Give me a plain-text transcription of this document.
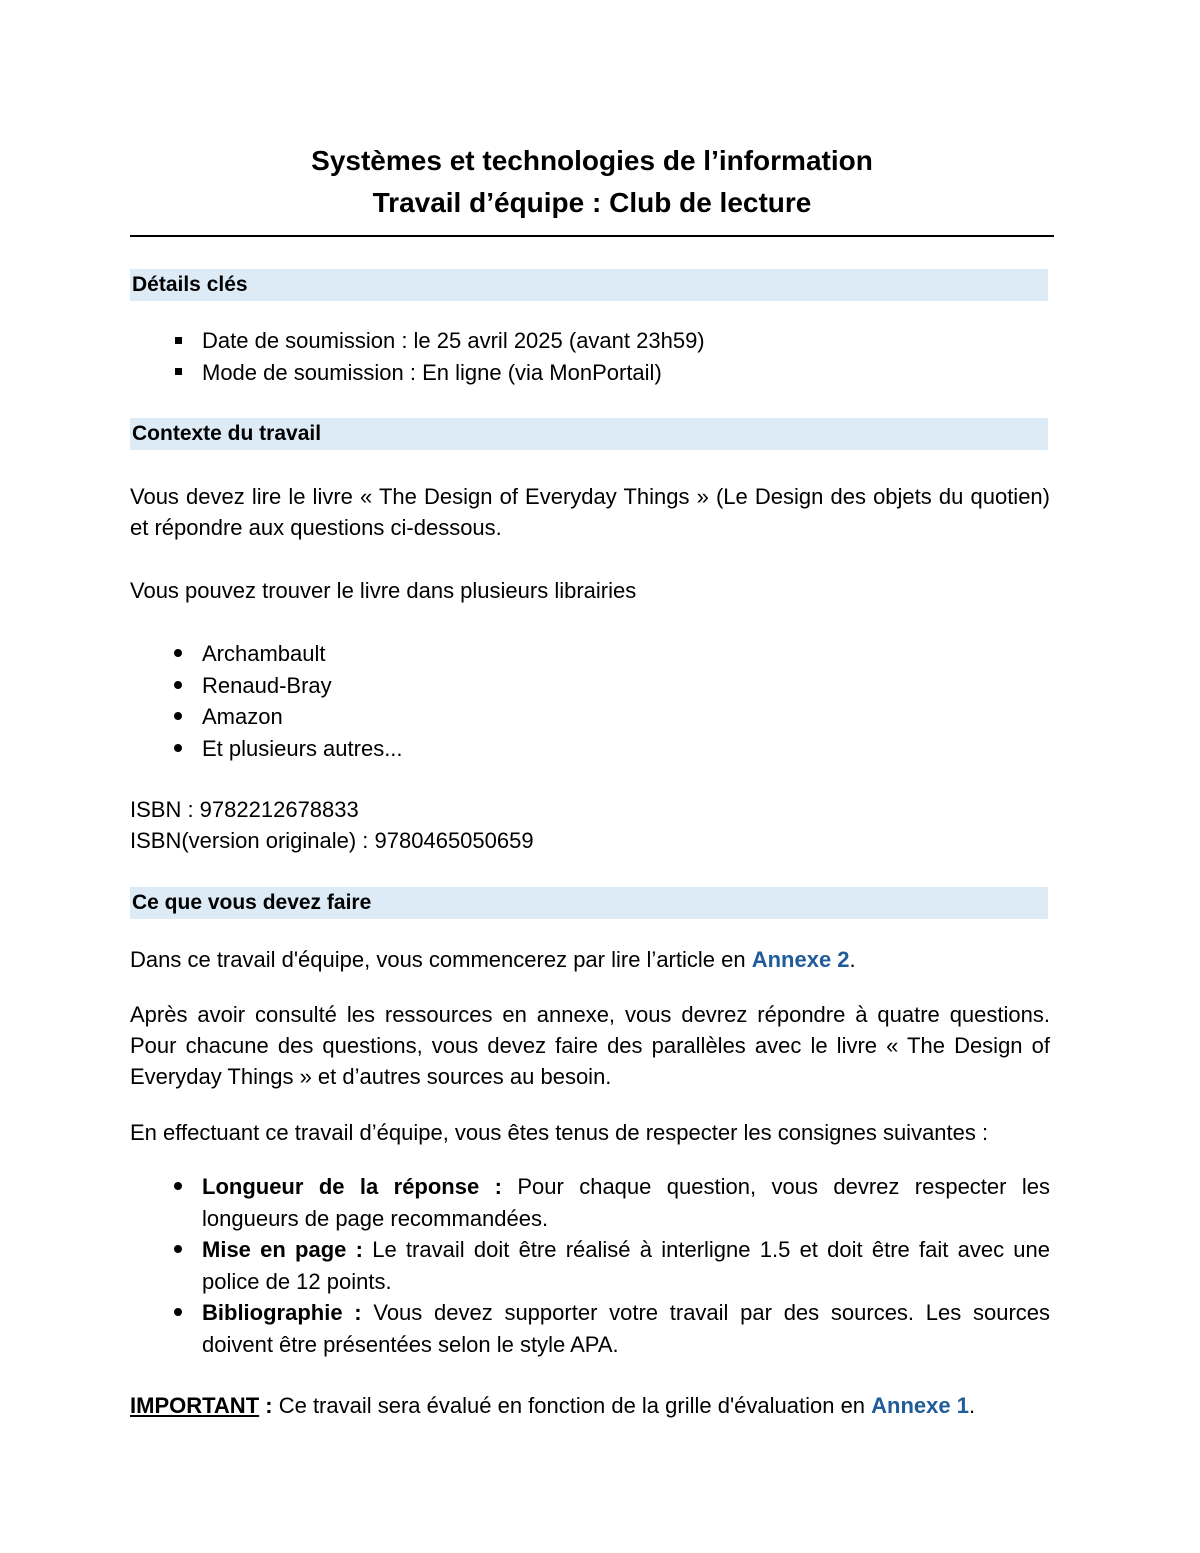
Systèmes et technologies de l’information
Travail d’équipe : Club de lecture
Détails clés
Date de soumission : le 25 avril 2025 (avant 23h59)
Mode de soumission : En ligne (via MonPortail)
Contexte du travail
Vous devez lire le livre « The Design of Everyday Things » (Le Design des objets du quotien) et répondre aux questions ci-dessous.
Vous pouvez trouver le livre dans plusieurs librairies
Archambault
Renaud-Bray
Amazon
Et plusieurs autres...
ISBN : 9782212678833
ISBN(version originale) : 9780465050659
Ce que vous devez faire
Dans ce travail d'équipe, vous commencerez par lire l’article en Annexe 2.
Après avoir consulté les ressources en annexe, vous devrez répondre à quatre questions. Pour chacune des questions, vous devez faire des parallèles avec le livre « The Design of Everyday Things » et d’autres sources au besoin.
En effectuant ce travail d’équipe, vous êtes tenus de respecter les consignes suivantes :
Longueur de la réponse : Pour chaque question, vous devrez respecter les longueurs de page recommandées.
Mise en page : Le travail doit être réalisé à interligne 1.5 et doit être fait avec une police de 12 points.
Bibliographie : Vous devez supporter votre travail par des sources. Les sources doivent être présentées selon le style APA.
IMPORTANT : Ce travail sera évalué en fonction de la grille d'évaluation en Annexe 1.
